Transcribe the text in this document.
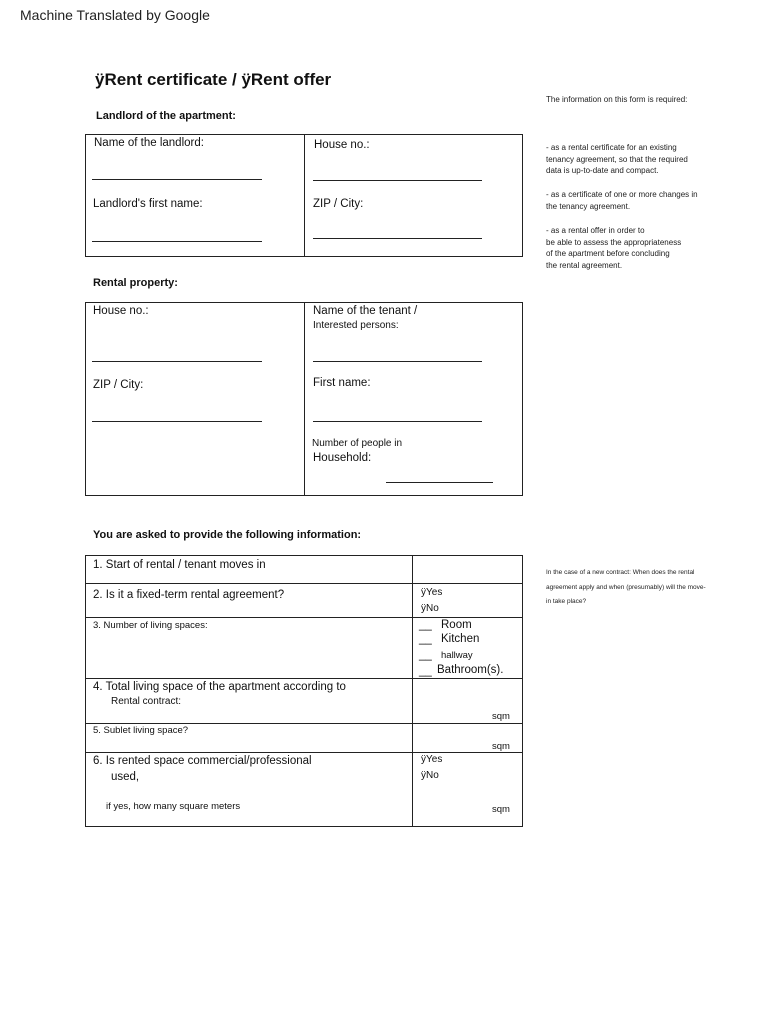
Machine Translated by Google
ÿRent certificate / ÿRent offer
The information on this form is required:
- as a rental certificate for an existing
tenancy agreement, so that the required
data is up-to-date and compact.
- as a certificate of one or more changes in
the tenancy agreement.
- as a rental offer in order to
be able to assess the appropriateness
of the apartment before concluding
the rental agreement.
In the case of a new contract: When does the rental
agreement apply and when (presumably) will the move-
in take place?
Landlord of the apartment:
Name of the landlord:
Landlord's first name:
House no.:
ZIP / City:
Rental property:
House no.:
ZIP / City:
Name of the tenant /
Interested persons:
First name:
Number of people in
Household:
You are asked to provide the following information:
1. Start of rental / tenant moves in
2. Is it a fixed-term rental agreement?	ÿYes
ÿNo
3. Number of living spaces:	__ Room
__ Kitchen
__ hallway
__ Bathroom(s).
4. Total living space of the apartment according to
Rental contract:
sqm
5. Sublet living space?
sqm
6. Is rented space commercial/professional
used,
if yes, how many square meters
ÿYes
ÿNo
sqm
